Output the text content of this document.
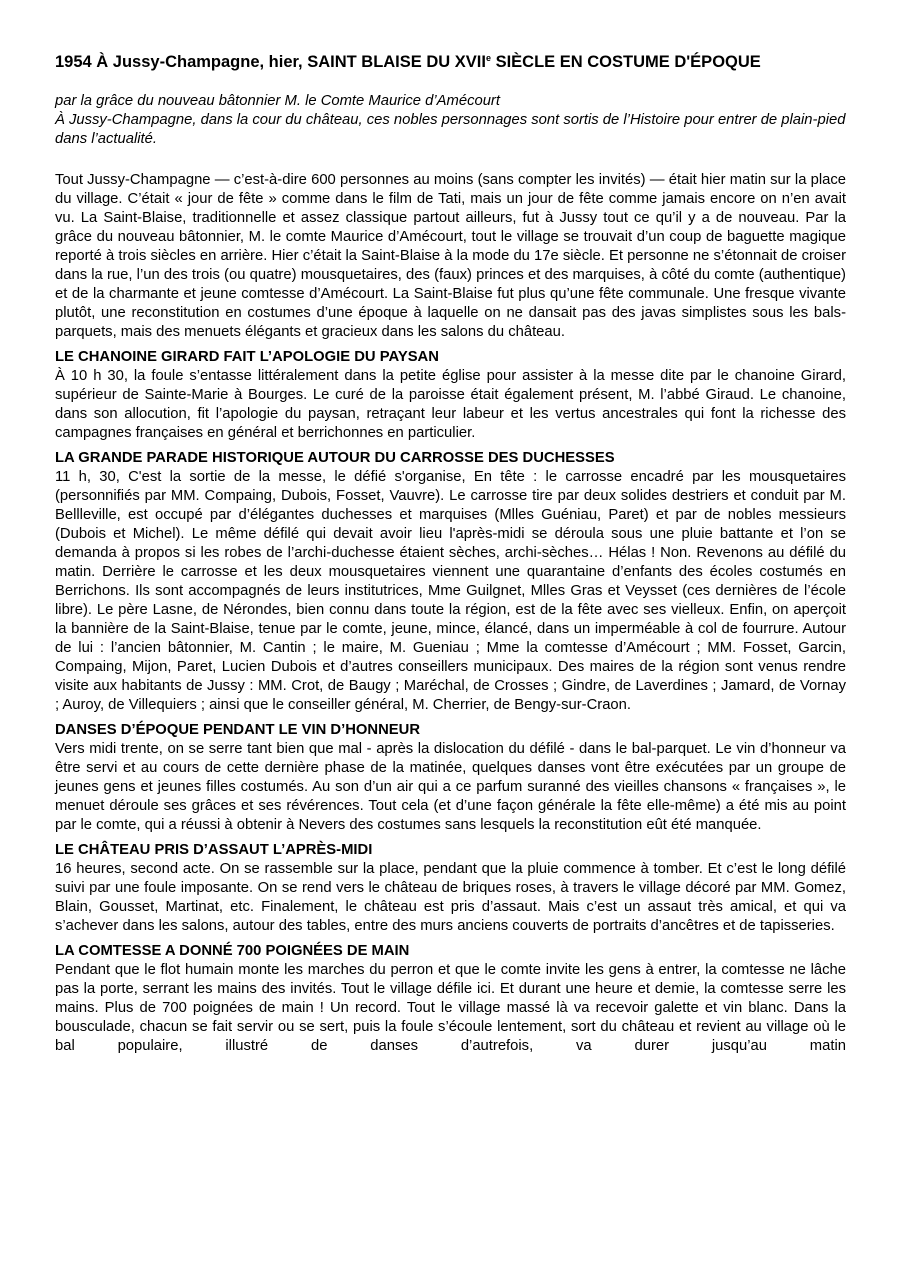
1954 À Jussy-Champagne, hier, SAINT BLAISE DU XVIIe SIÈCLE EN COSTUME D'ÉPOQUE

par la grâce du nouveau bâtonnier M. le Comte Maurice d’Amécourt

À Jussy-Champagne, dans la cour du château, ces nobles personnages sont sortis de l’Histoire pour entrer de plain-pied dans l’actualité.

Tout Jussy-Champagne — c’est-à-dire 600 personnes au moins (sans compter les invités) — était hier matin sur la place du village. C’était « jour de fête » comme dans le film de Tati, mais un jour de fête comme jamais encore on n’en avait vu. La Saint-Blaise, traditionnelle et assez classique partout ailleurs, fut à Jussy tout ce qu’il y a de nouveau. Par la grâce du nouveau bâtonnier, M. le comte Maurice d’Amécourt, tout le village se trouvait d’un coup de baguette magique reporté à trois siècles en arrière. Hier c’était la Saint-Blaise à la mode du 17e siècle. Et personne ne s’étonnait de croiser dans la rue, l’un des trois (ou quatre) mousquetaires, des (faux) princes et des marquises, à côté du comte (authentique) et de la charmante et jeune comtesse d’Amécourt. La Saint-Blaise fut plus qu’une fête communale. Une fresque vivante plutôt, une reconstitution en costumes d’une époque à laquelle on ne dansait pas des javas simplistes sous les bals-parquets, mais des menuets élégants et gracieux dans les salons du château.

LE CHANOINE GIRARD FAIT L’APOLOGIE DU PAYSAN

À 10 h 30, la foule s’entasse littéralement dans la petite église pour assister à la messe dite par le chanoine Girard, supérieur de Sainte-Marie à Bourges. Le curé de la paroisse était également présent, M. l’abbé Giraud. Le chanoine, dans son allocution, fit l’apologie du paysan, retraçant leur labeur et les vertus ancestrales qui font la richesse des campagnes françaises en général et berrichonnes en particulier.

LA GRANDE PARADE HISTORIQUE AUTOUR DU CARROSSE DES DUCHESSES

11 h, 30, C'est la sortie de la messe, le défié s'organise, En tête : le carrosse encadré par les mousquetaires (personnifiés par MM. Compaing, Dubois, Fosset, Vauvre). Le carrosse tire par deux solides destriers et conduit par M. Bellleville, est occupé par d’élégantes duchesses et marquises (Mlles Guéniau, Paret) et par de nobles messieurs (Dubois et Michel). Le même défilé qui devait avoir lieu l'après-midi se déroula sous une pluie battante et l’on se demanda à propos si les robes de l’archi-duchesse étaient sèches, archi-sèches… Hélas ! Non. Revenons au défilé du matin. Derrière le carrosse et les deux mousquetaires viennent une quarantaine d’enfants des écoles costumés en Berrichons. Ils sont accompagnés de leurs institutrices, Mme Guilgnet, Mlles Gras et Veysset (ces dernières de l’école libre). Le père Lasne, de Nérondes, bien connu dans toute la région, est de la fête avec ses vielleux. Enfin, on aperçoit la bannière de la Saint-Blaise, tenue par le comte, jeune, mince, élancé, dans un imperméable à col de fourrure. Autour de lui : l’ancien bâtonnier, M. Cantin ; le maire, M. Gueniau ; Mme la comtesse d’Amécourt ; MM. Fosset, Garcin, Compaing, Mijon, Paret, Lucien Dubois et d’autres conseillers municipaux. Des maires de la région sont venus rendre visite aux habitants de Jussy : MM. Crot, de Baugy ; Maréchal, de Crosses ; Gindre, de Laverdines ; Jamard, de Vornay ; Auroy, de Villequiers ; ainsi que le conseiller général, M. Cherrier, de Bengy-sur-Craon.

DANSES D’ÉPOQUE PENDANT LE VIN D’HONNEUR

Vers midi trente, on se serre tant bien que mal - après la dislocation du défilé - dans le bal-parquet. Le vin d’honneur va être servi et au cours de cette dernière phase de la matinée, quelques danses vont être exécutées par un groupe de jeunes gens et jeunes filles costumés. Au son d’un air qui a ce parfum suranné des vieilles chansons « françaises », le menuet déroule ses grâces et ses révérences. Tout cela (et d’une façon générale la fête elle-même) a été mis au point par le comte, qui a réussi à obtenir à Nevers des costumes sans lesquels la reconstitution eût été manquée.

LE CHÂTEAU PRIS D’ASSAUT L’APRÈS-MIDI

16 heures, second acte. On se rassemble sur la place, pendant que la pluie commence à tomber. Et c’est le long défilé suivi par une foule imposante. On se rend vers le château de briques roses, à travers le village décoré par MM. Gomez, Blain, Gousset, Martinat, etc. Finalement, le château est pris d’assaut. Mais c’est un assaut très amical, et qui va s’achever dans les salons, autour des tables, entre des murs anciens couverts de portraits d’ancêtres et de tapisseries.

LA COMTESSE A DONNÉ 700 POIGNÉES DE MAIN

Pendant que le flot humain monte les marches du perron et que le comte invite les gens à entrer, la comtesse ne lâche pas la porte, serrant les mains des invités. Tout le village défile ici. Et durant une heure et demie, la comtesse serre les mains. Plus de 700 poignées de main ! Un record. Tout le village massé là va recevoir galette et vin blanc. Dans la bousculade, chacun se fait servir ou se sert, puis la foule s’écoule lentement, sort du château et revient au village où le bal populaire, illustré de danses d’autrefois, va durer jusqu’au matin
